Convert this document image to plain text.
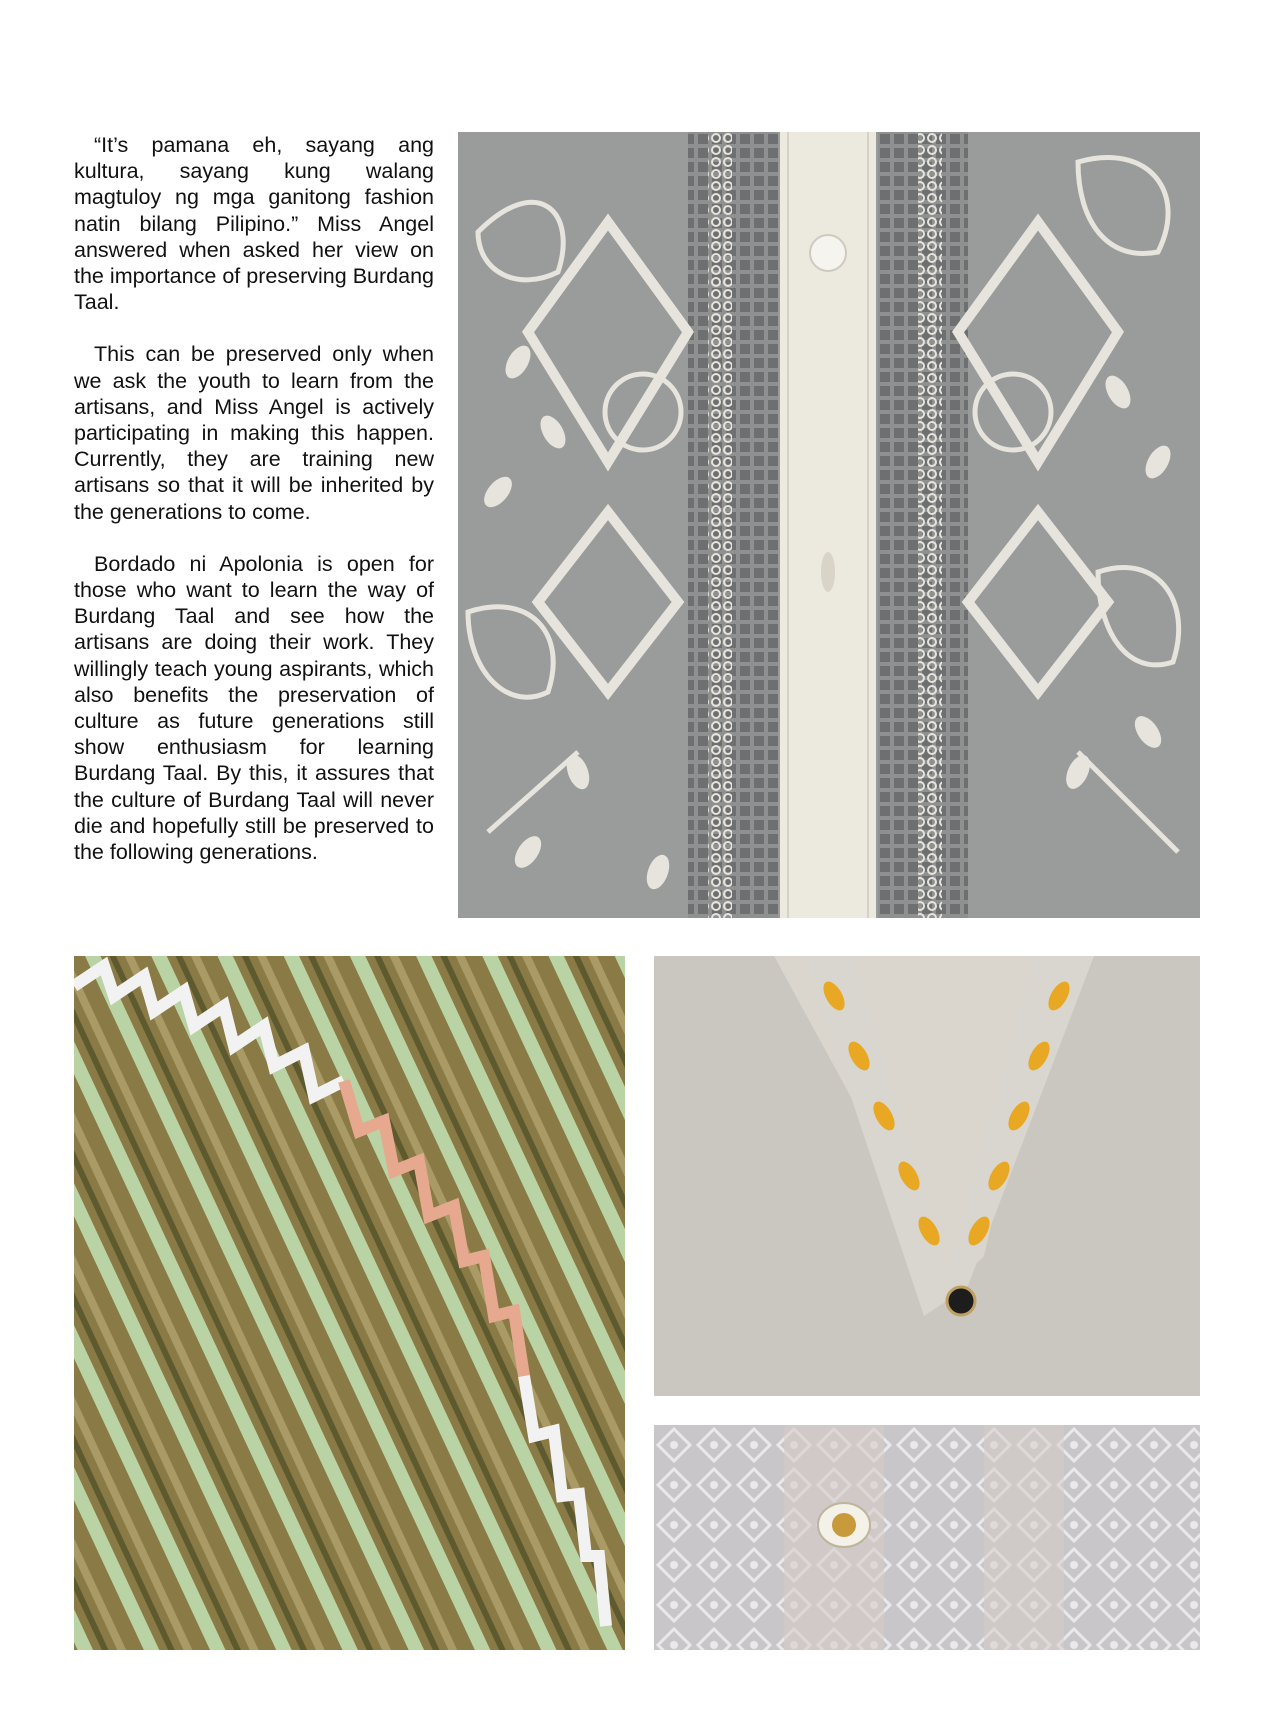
“It’s pamana eh, sayang ang kultura, sayang kung walang magtuloy ng mga ganitong fashion natin bilang Pilipino.” Miss Angel answered when asked her view on the importance of preserving Burdang Taal.

This can be preserved only when we ask the youth to learn from the artisans, and Miss Angel is actively participating in making this happen. Currently, they are training new artisans so that it will be inherited by the generations to come.

Bordado ni Apolonia is open for those who want to learn the way of Burdang Taal and see how the artisans are doing their work. They willingly teach young aspirants, which also benefits the preservation of culture as future generations still show enthusiasm for learning Burdang Taal. By this, it assures that the culture of Burdang Taal will never die and hopefully still be preserved to the following generations.
